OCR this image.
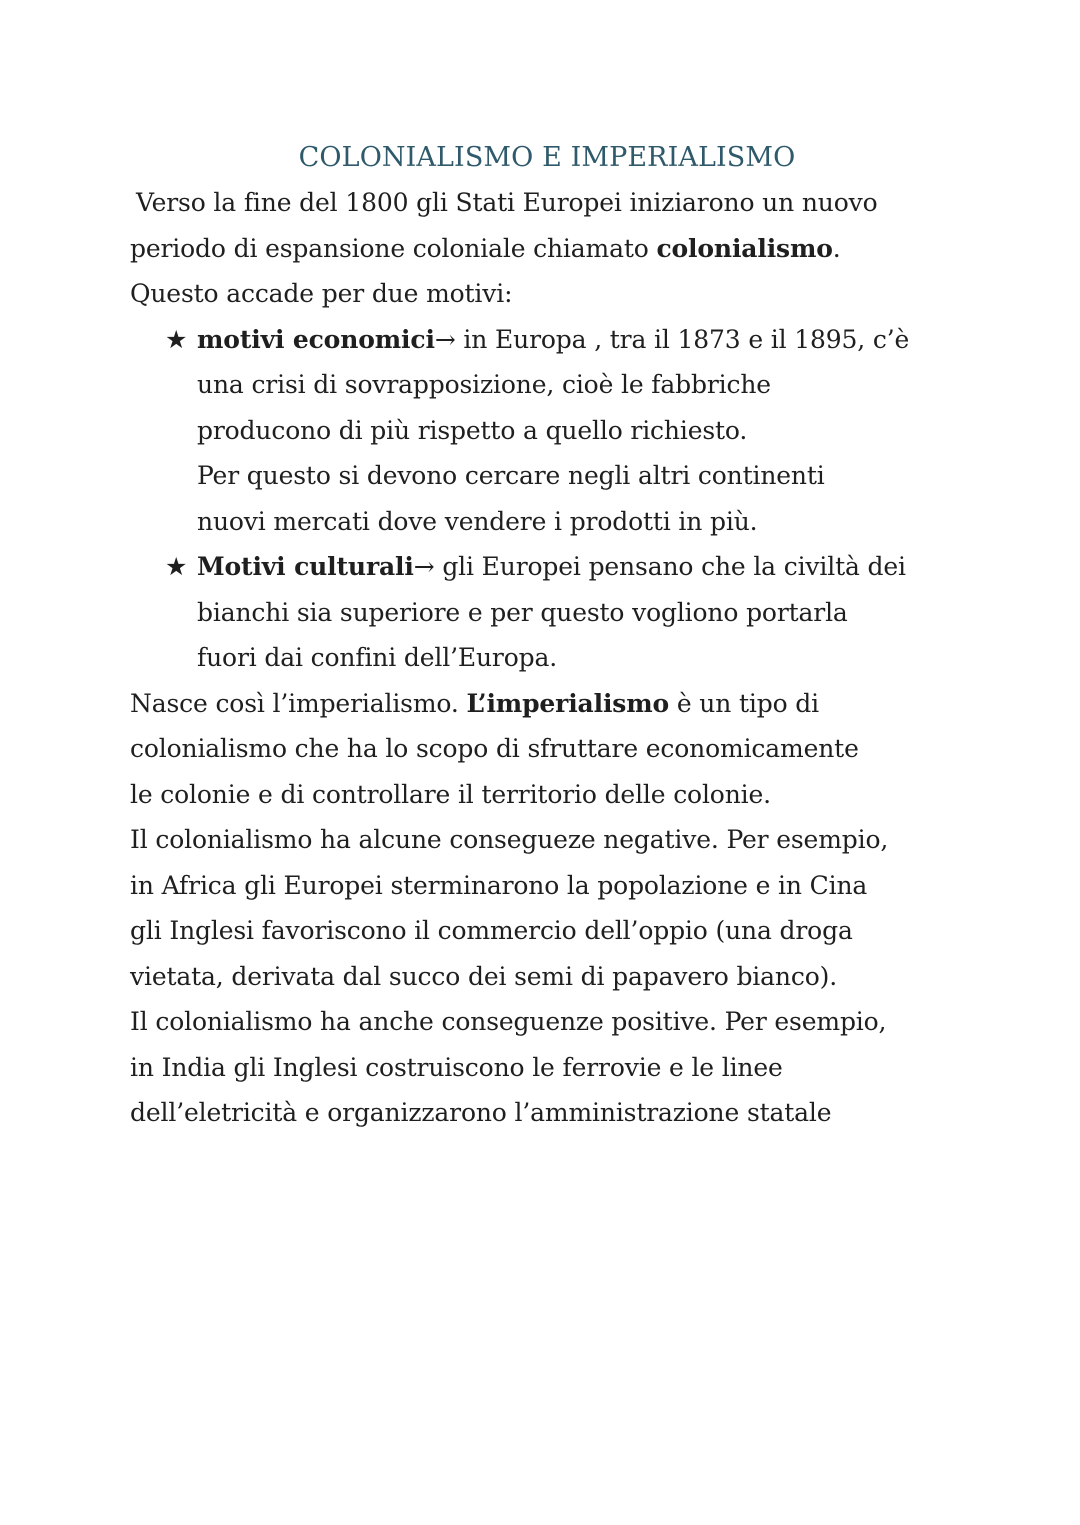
COLONIALISMO E IMPERIALISMO

Verso la fine del 1800 gli Stati Europei iniziarono un nuovo
periodo di espansione coloniale chiamato colonialismo.
Questo accade per due motivi:

★ motivi economici→ in Europa , tra il 1873 e il 1895, c’è
una crisi di sovrapposizione, cioè le fabbriche
producono di più rispetto a quello richiesto.
Per questo si devono cercare negli altri continenti
nuovi mercati dove vendere i prodotti in più.
★ Motivi culturali→ gli Europei pensano che la civiltà dei
bianchi sia superiore e per questo vogliono portarla
fuori dai confini dell’Europa.

Nasce così l’imperialismo. L’imperialismo è un tipo di
colonialismo che ha lo scopo di sfruttare economicamente
le colonie e di controllare il territorio delle colonie.
Il colonialismo ha alcune consegueze negative. Per esempio,
in Africa gli Europei sterminarono la popolazione e in Cina
gli Inglesi favoriscono il commercio dell’oppio (una droga
vietata, derivata dal succo dei semi di papavero bianco).
Il colonialismo ha anche conseguenze positive. Per esempio,
in India gli Inglesi costruiscono le ferrovie e le linee
dell’eletricità e organizzarono l’amministrazione statale
